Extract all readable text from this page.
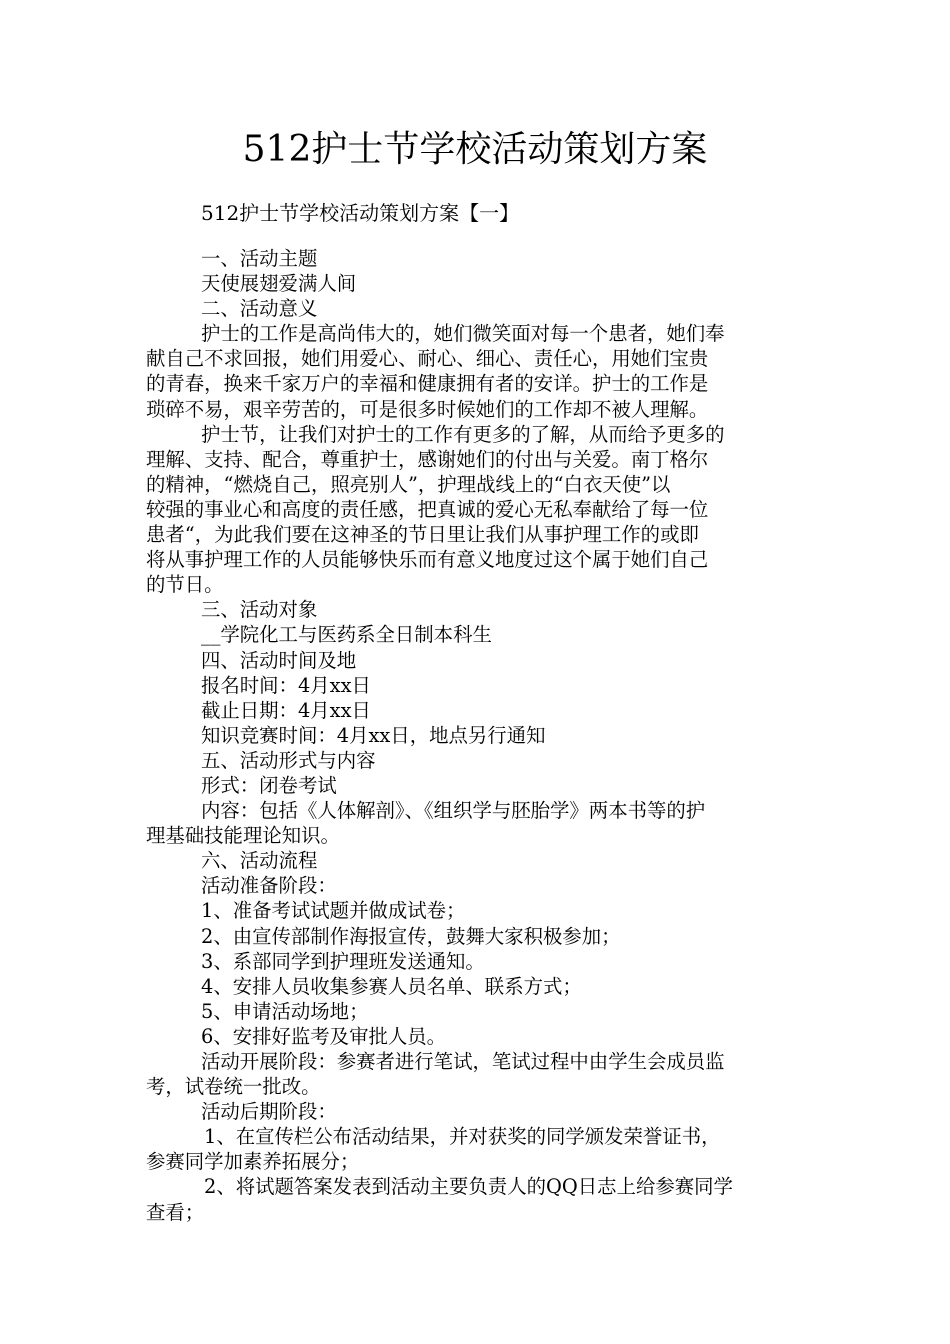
512护士节学校活动策划方案
512护士节学校活动策划方案【一】
一、活动主题
天使展翅爱满人间
二、活动意义
护士的工作是高尚伟大的，她们微笑面对每一个患者，她们奉
献自己不求回报，她们用爱心、耐心、细心、责任心，用她们宝贵
的青春，换来千家万户的幸福和健康拥有者的安详。护士的工作是
琐碎不易，艰辛劳苦的，可是很多时候她们的工作却不被人理解。
护士节，让我们对护士的工作有更多的了解，从而给予更多的
理解、支持、配合，尊重护士，感谢她们的付出与关爱。南丁格尔
的精神，“燃烧自己，照亮别人”，护理战线上的“白衣天使”以
较强的事业心和高度的责任感，把真诚的爱心无私奉献给了每一位
患者“，为此我们要在这神圣的节日里让我们从事护理工作的或即
将从事护理工作的人员能够快乐而有意义地度过这个属于她们自己
的节日。
三、活动对象
__学院化工与医药系全日制本科生
四、活动时间及地
报名时间：4月xx日
截止日期：4月xx日
知识竞赛时间：4月xx日，地点另行通知
五、活动形式与内容
形式：闭卷考试
内容：包括《人体解剖》、《组织学与胚胎学》两本书等的护
理基础技能理论知识。
六、活动流程
活动准备阶段：
1、准备考试试题并做成试卷；
2、由宣传部制作海报宣传，鼓舞大家积极参加；
3、系部同学到护理班发送通知。
4、安排人员收集参赛人员名单、联系方式；
5、申请活动场地；
6、安排好监考及审批人员。
活动开展阶段：参赛者进行笔试，笔试过程中由学生会成员监
考，试卷统一批改。
活动后期阶段：
1、在宣传栏公布活动结果，并对获奖的同学颁发荣誉证书，
参赛同学加素养拓展分；
2、将试题答案发表到活动主要负责人的QQ日志上给参赛同学
查看；
